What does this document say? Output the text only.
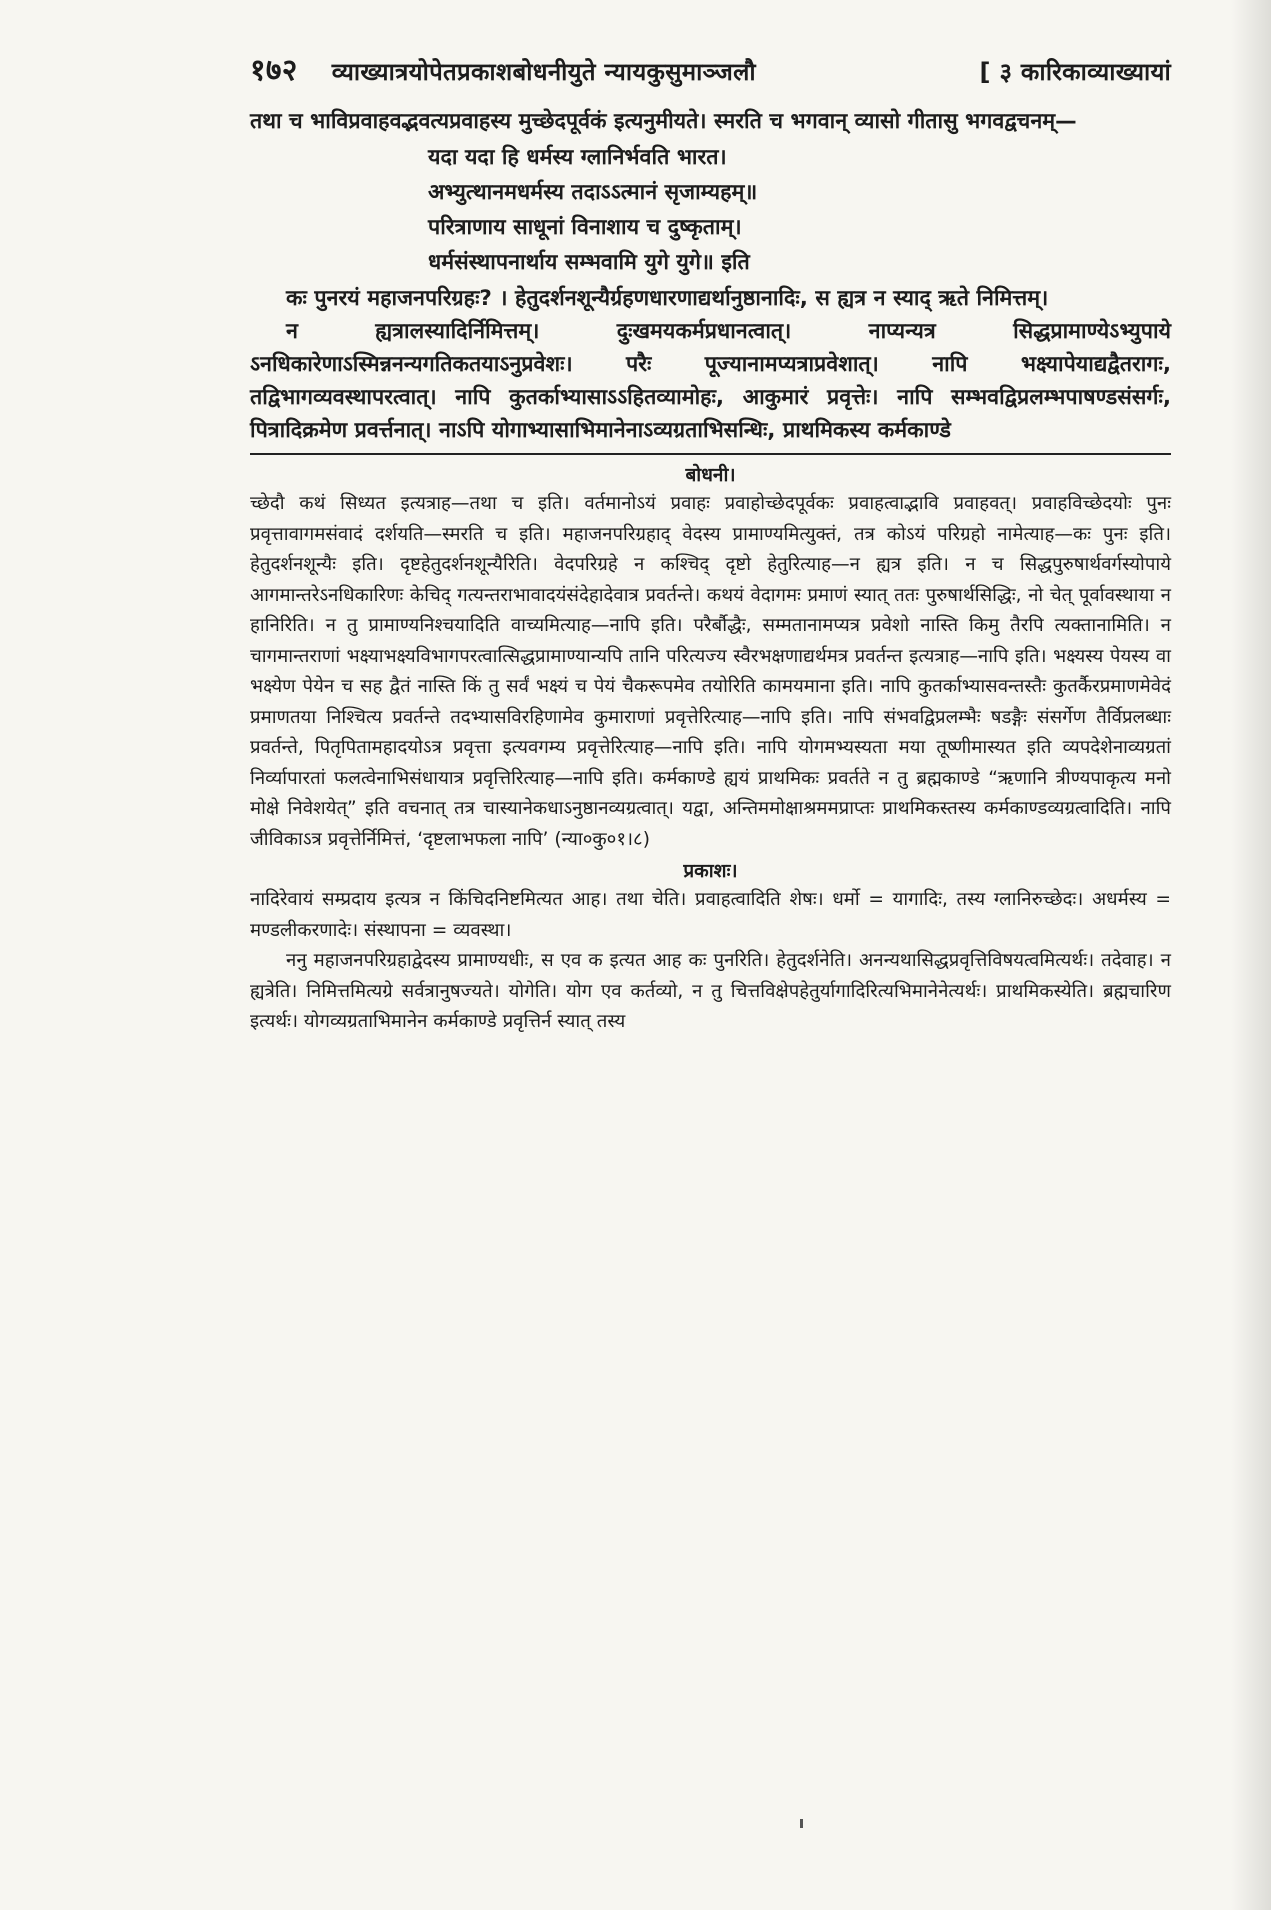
१७२ व्याख्यात्रयोपेतप्रकाशबोधनीयुते न्यायकुसुमाञ्जलौ	[ ३ कारिकाव्याख्यायां

तथा च भाविप्रवाहवद्भवत्यप्रवाहस्य मुच्छेदपूर्वकं इत्यनुमीयते। स्मरति च भगवान् व्यासो गीतासु भगवद्वचनम्—

यदा यदा हि धर्मस्य ग्लानिर्भवति भारत।
अभ्युत्थानमधर्मस्य तदाऽऽत्मानं सृजाम्यहम्॥
परित्राणाय साधूनां विनाशाय च दुष्कृताम्।
धर्मसंस्थापनार्थाय सम्भवामि युगे युगे॥ इति

कः पुनरयं महाजनपरिग्रहः? । हेतुदर्शनशून्यैर्ग्रहणधारणाद्यर्थानुष्ठानादिः, स ह्यत्र न स्याद् ऋते निमित्तम्।

न ह्यत्रालस्यादिर्निमित्तम्। दुःखमयकर्मप्रधानत्वात्। नाप्यन्यत्र सिद्धप्रामाण्येऽभ्युपाये ऽनधिकारेणाऽस्मिन्ननन्यगतिकतयाऽनुप्रवेशः। परैः पूज्यानामप्यत्राप्रवेशात्। नापि भक्ष्यापेयाद्यद्वैतरागः, तद्विभागव्यवस्थापरत्वात्। नापि कुतर्काभ्यासाऽऽहितव्यामोहः, आकुमारं प्रवृत्तेः। नापि सम्भवद्विप्रलम्भपाषण्डसंसर्गः, पित्रादिक्रमेण प्रवर्त्तनात्। नाऽपि योगाभ्यासाभिमानेनाऽव्यग्रताभिसन्धिः, प्राथमिकस्य कर्मकाण्डे

बोधनी।

च्छेदौ कथं सिध्यत इत्यत्राह—तथा च इति। वर्तमानोऽयं प्रवाहः प्रवाहोच्छेदपूर्वकः प्रवाहत्वाद्भावि प्रवाहवत्। प्रवाहविच्छेदयोः पुनः प्रवृत्तावागमसंवादं दर्शयति—स्मरति च इति। महाजनपरिग्रहाद् वेदस्य प्रामाण्यमित्युक्तं, तत्र कोऽयं परिग्रहो नामेत्याह—कः पुनः इति। हेतुदर्शनशून्यैः इति। दृष्टहेतुदर्शनशून्यैरिति। वेदपरिग्रहे न कश्चिद् दृष्टो हेतुरित्याह—न ह्यत्र इति। न च सिद्धपुरुषार्थवर्गस्योपाये आगमान्तरेऽनधिकारिणः केचिद् गत्यन्तराभावादयंसंदेहादेवात्र प्रवर्तन्ते। कथयं वेदागमः प्रमाणं स्यात् ततः पुरुषार्थसिद्धिः, नो चेत् पूर्वावस्थाया न हानिरिति। न तु प्रामाण्यनिश्चयादिति वाच्यमित्याह—नापि इति। परैर्बौद्धैः, सम्मतानामप्यत्र प्रवेशो नास्ति किमु तैरपि त्यक्तानामिति। न चागमान्तराणां भक्ष्याभक्ष्यविभागपरत्वात्सिद्धप्रामाण्यान्यपि तानि परित्यज्य स्वैरभक्षणाद्यर्थमत्र प्रवर्तन्त इत्यत्राह—नापि इति। भक्ष्यस्य पेयस्य वा भक्ष्येण पेयेन च सह द्वैतं नास्ति किं तु सर्वं भक्ष्यं च पेयं चैकरूपमेव तयोरिति कामयमाना इति। नापि कुतर्काभ्यासवन्तस्तैः कुतर्कैरप्रमाणमेवेदं प्रमाणतया निश्चित्य प्रवर्तन्ते तदभ्यासविरहिणामेव कुमाराणां प्रवृत्तेरित्याह—नापि इति। नापि संभवद्विप्रलम्भैः षडङ्गैः संसर्गेण तैर्विप्रलब्धाः प्रवर्तन्ते, पितृपितामहादयोऽत्र प्रवृत्ता इत्यवगम्य प्रवृत्तेरित्याह—नापि इति। नापि योगमभ्यस्यता मया तूष्णीमास्यत इति व्यपदेशेनाव्यग्रतां निर्व्यापारतां फलत्वेनाभिसंधायात्र प्रवृत्तिरित्याह—नापि इति। कर्मकाण्डे ह्ययं प्राथमिकः प्रवर्तते न तु ब्रह्मकाण्डे “ऋणानि त्रीण्यपाकृत्य मनो मोक्षे निवेशयेत्” इति वचनात् तत्र चास्यानेकधाऽनुष्ठानव्यग्रत्वात्। यद्वा, अन्तिममोक्षाश्रममप्राप्तः प्राथमिकस्तस्य कर्मकाण्डव्यग्रत्वादिति। नापि जीविकाऽत्र प्रवृत्तेर्निमित्तं, ‘दृष्टलाभफला नापि’ (न्या०कु०१।८)

प्रकाशः।

नादिरेवायं सम्प्रदाय इत्यत्र न किंचिदनिष्टमित्यत आह। तथा चेति। प्रवाहत्वादिति शेषः। धर्मो = यागादिः, तस्य ग्लानिरुच्छेदः। अधर्मस्य = मण्डलीकरणादेः। संस्थापना = व्यवस्था।

ननु महाजनपरिग्रहाद्वेदस्य प्रामाण्यधीः, स एव क इत्यत आह कः पुनरिति। हेतुदर्शनेति। अनन्यथासिद्धप्रवृत्तिविषयत्वमित्यर्थः। तदेवाह। न ह्यत्रेति। निमित्तमित्यग्रे सर्वत्रानुषज्यते। योगेति। योग एव कर्तव्यो, न तु चित्तविक्षेपहेतुर्यागादिरित्यभिमानेनेत्यर्थः। प्राथमिकस्येति। ब्रह्मचारिण इत्यर्थः। योगव्यग्रताभिमानेन कर्मकाण्डे प्रवृत्तिर्न स्यात् तस्य
